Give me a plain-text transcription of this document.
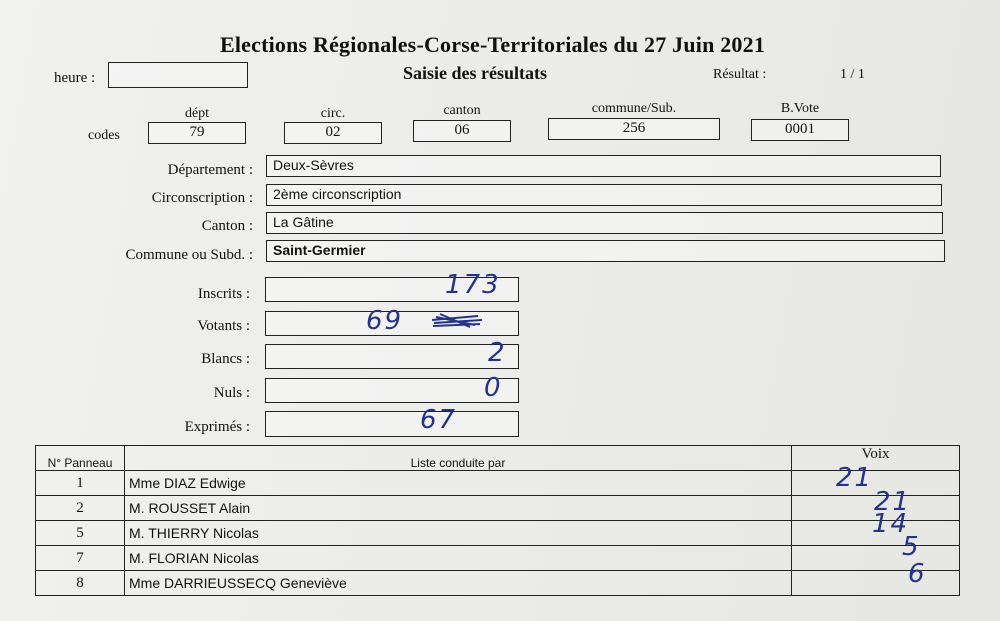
Elections Régionales-Corse-Territoriales du 27 Juin 2021
Saisie des résultats
heure :	Résultat :	1 / 1
codes
dépt
79
circ.
02
canton
06
commune/Sub.
256
B.Vote
0001
Département :	Deux-Sèvres
Circonscription :	2ème circonscription
Canton :	La Gâtine
Commune ou Subd. :	Saint-Germier
Inscrits :	173
Votants :	69
Blancs :	2
Nuls :	0
Exprimés :	67
N° Panneau	Liste conduite par	Voix
1	Mme DIAZ Edwige	21

2	M. ROUSSET Alain	21

5	M. THIERRY Nicolas	14

7	M. FLORIAN Nicolas	5

8	Mme DARRIEUSSECQ Geneviève	6
